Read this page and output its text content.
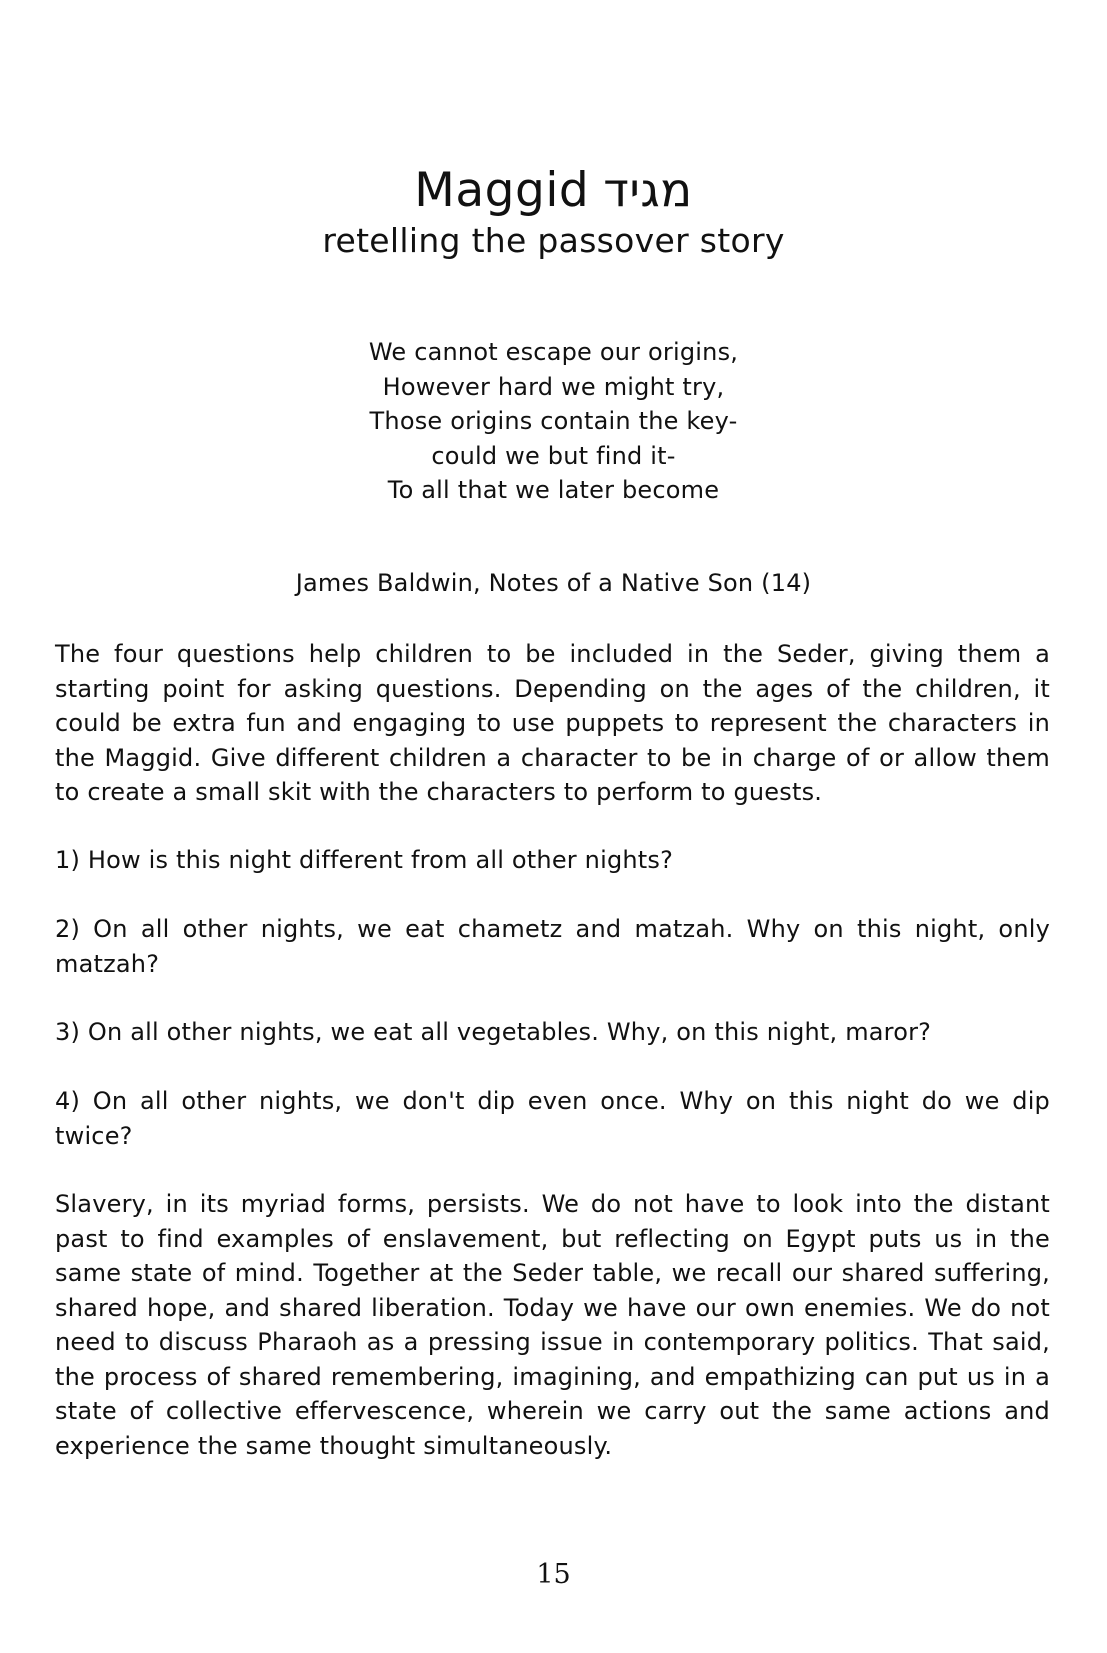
Maggid מגיד
retelling the passover story
We cannot escape our origins,
However hard we might try,
Those origins contain the key-
could we but find it-
To all that we later become
James Baldwin, Notes of a Native Son (14)

The four questions help children to be included in the Seder, giving them a starting point for asking questions. Depending on the ages of the children, it could be extra fun and engaging to use puppets to represent the characters in the Maggid. Give different children a character to be in charge of or allow them to create a small skit with the characters to perform to guests.

1) How is this night different from all other nights?

2) On all other nights, we eat chametz and matzah. Why on this night, only matzah?

3) On all other nights, we eat all vegetables. Why, on this night, maror?

4) On all other nights, we don't dip even once. Why on this night do we dip twice?

Slavery, in its myriad forms, persists. We do not have to look into the distant past to find examples of enslavement, but reflecting on Egypt puts us in the same state of mind. Together at the Seder table, we recall our shared suffering, shared hope, and shared liberation. Today we have our own enemies. We do not need to discuss Pharaoh as a pressing issue in contemporary politics. That said, the process of shared remembering, imagining, and empathizing can put us in a state of collective effervescence, wherein we carry out the same actions and experience the same thought simultaneously.

15
